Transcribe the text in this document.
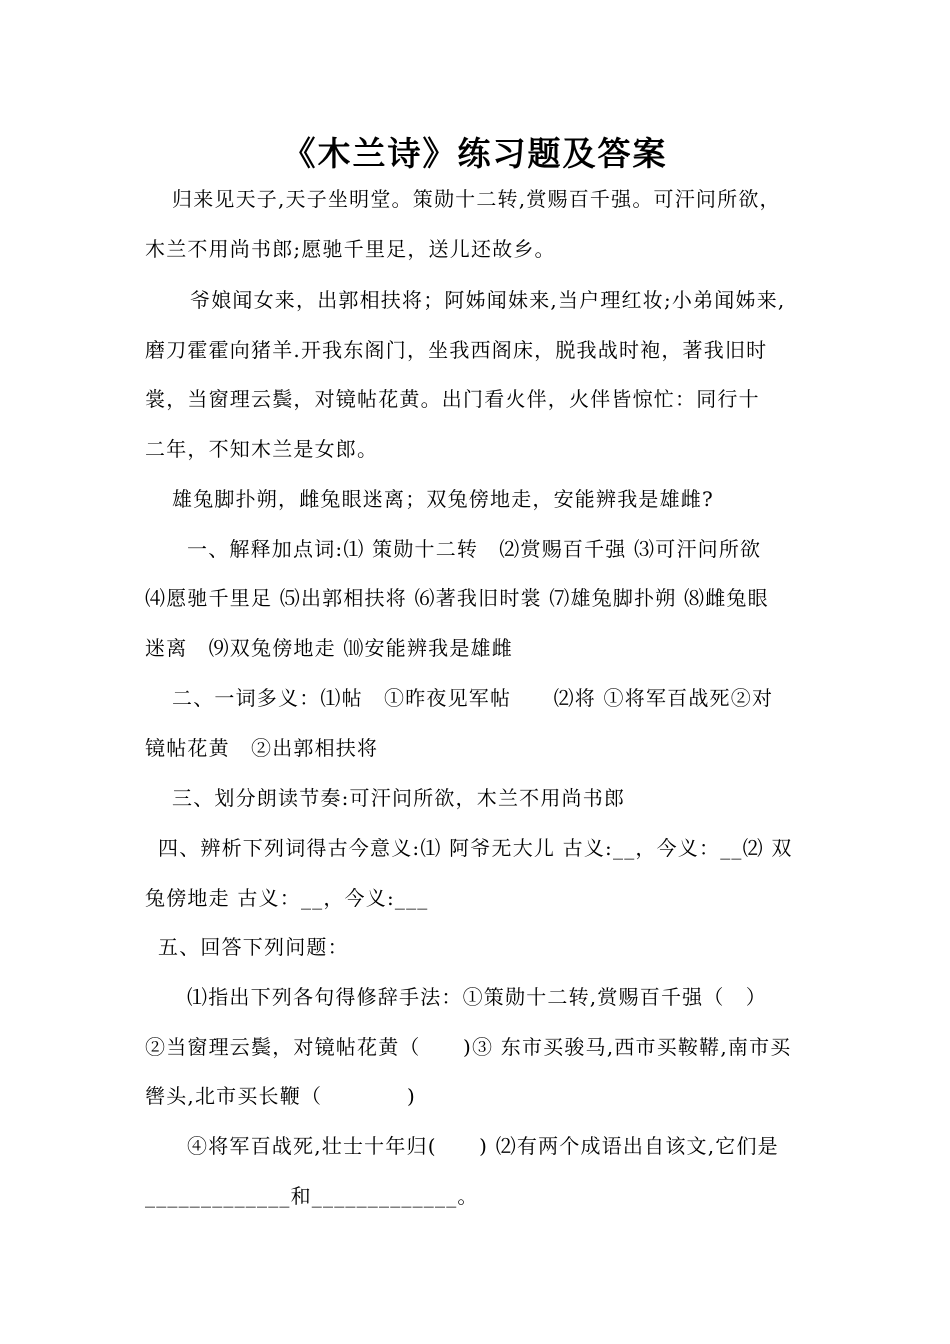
《木兰诗》练习题及答案
归来见天子,天子坐明堂。策勋十二转,赏赐百千强。可汗问所欲，
木兰不用尚书郎;愿驰千里足，送儿还故乡。
爷娘闻女来，出郭相扶将；阿姊闻妹来,当户理红妆;小弟闻姊来,
磨刀霍霍向猪羊.开我东阁门，坐我西阁床，脱我战时袍，著我旧时
裳，当窗理云鬓，对镜帖花黄。出门看火伴，火伴皆惊忙：同行十
二年，不知木兰是女郎。
雄兔脚扑朔，雌兔眼迷离；双兔傍地走，安能辨我是雄雌?
一、解释加点词:⑴ 策勋十二转　⑵赏赐百千强 ⑶可汗问所欲
⑷愿驰千里足 ⑸出郭相扶将 ⑹著我旧时裳 ⑺雄兔脚扑朔 ⑻雌兔眼
迷离　⑼双兔傍地走 ⑽安能辨我是雄雌
二、一词多义：⑴帖　①昨夜见军帖　　⑵将 ①将军百战死②对
镜帖花黄　②出郭相扶将
三、划分朗读节奏:可汗问所欲，木兰不用尚书郎
四、辨析下列词得古今意义:⑴ 阿爷无大儿 古义:__，今义：__⑵ 双
兔傍地走 古义：__，今义:___
五、回答下列问题：
⑴指出下列各句得修辞手法：①策勋十二转,赏赐百千强（　）
②当窗理云鬓，对镜帖花黄（　　)③ 东市买骏马,西市买鞍鞯,南市买
辔头,北市买长鞭（　　　　)
④将军百战死,壮士十年归(　　) ⑵有两个成语出自该文,它们是
_____________和_____________。
